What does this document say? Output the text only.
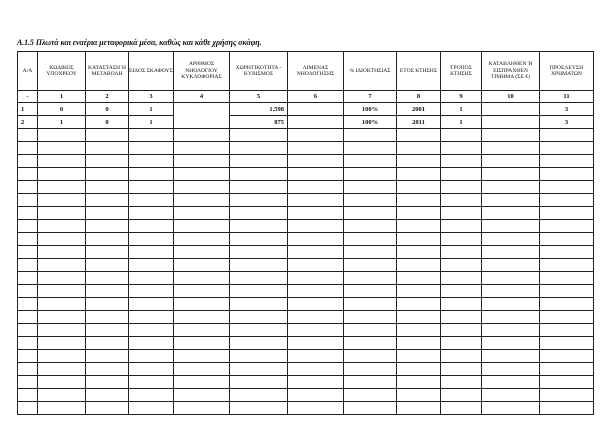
Α.1.5 Πλωτά και εναέρια μεταφορικά μέσα, καθώς και κάθε χρήσης σκάφη.
Α/Α	ΚΩΔΙΚΟΣ ΥΠΟΧΡΕΟΥ	ΚΑΤΑΣΤΑΣΗ Ή ΜΕΤΑΒΟΛΗ	ΕΙΔΟΣ ΣΚΑΦΟΥΣ	ΑΡΙΘΜΟΣ ΝΗΟΛΟΓΙΟΥ ΚΥΚΛΟΦΟΡΙΑΣ	ΧΩΡΗΤΙΚΟΤΗΤΑ - ΚΥΒΙΣΜΟΣ	ΛΙΜΕΝΑΣ ΝΗΟΛΟΓΗΣΗΣ	% ΙΔΙΟΚΤΗΣΙΑΣ	ΕΤΟΣ ΚΤΗΣΗΣ	ΤΡΟΠΟΣ ΚΤΗΣΗΣ	ΚΑΤΑΒΛΗΘΕΝ Ή ΕΙΣΠΡΑΧΘΕΝ ΤΙΜΗΜΑ (ΣΕ €)	ΠΡΟΕΛΕΥΣΗ ΧΡΗΜΑΤΩΝ
-	1	2	3	4	5	6	7	8	9	10	11
1	0	0	1		1.598		100%	2001	1		3
2	1	0	1		875		100%	2011	1		3
